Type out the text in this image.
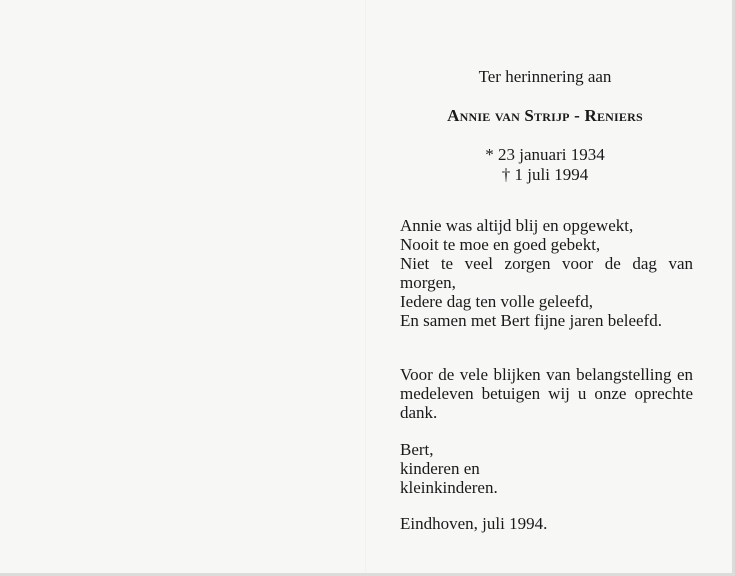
Ter herinnering aan

Annie van Strijp - Reniers

* 23 januari 1934
† 1 juli 1994
Annie was altijd blij en opgewekt,
Nooit te moe en goed gebekt,
Niet te veel zorgen voor de dag van morgen,
Iedere dag ten volle geleefd,
En samen met Bert fijne jaren beleefd.

Voor de vele blijken van belangstelling en medeleven betuigen wij u onze oprechte dank.

Bert,
kinderen en
kleinkinderen.

Eindhoven, juli 1994.
